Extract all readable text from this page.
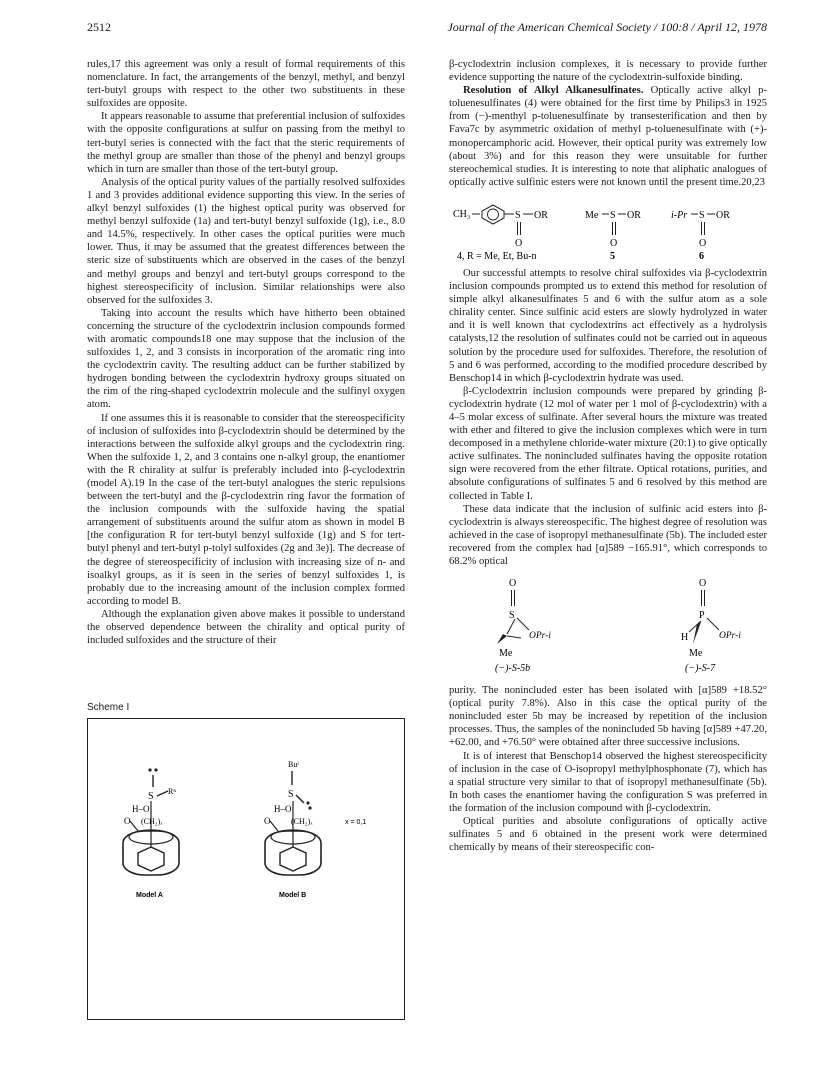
2512	Journal of the American Chemical Society / 100:8 / April 12, 1978

rules,17 this agreement was only a result of formal requirements of this nomenclature. In fact, the arrangements of the benzyl, methyl, and benzyl tert-butyl groups with respect to the other two substituents in these sulfoxides are opposite.

It appears reasonable to assume that preferential inclusion of sulfoxides with the opposite configurations at sulfur on passing from the methyl to tert-butyl series is connected with the fact that the steric requirements of the methyl group are smaller than those of the phenyl and benzyl groups which in turn are smaller than those of the tert-butyl group.

Analysis of the optical purity values of the partially resolved sulfoxides 1 and 3 provides additional evidence supporting this view. In the series of alkyl benzyl sulfoxides (1) the highest optical purity was observed for methyl benzyl sulfoxide (1a) and tert-butyl benzyl sulfoxide (1g), i.e., 8.0 and 14.5%, respectively. In other cases the optical purities were much lower. Thus, it may be assumed that the greatest differences between the steric size of substituents which are observed in the cases of the benzyl and methyl groups and benzyl and tert-butyl groups correspond to the highest stereospecificity of inclusion. Similar relationships were also observed for the sulfoxides 3.

Taking into account the results which have hitherto been obtained concerning the structure of the cyclodextrin inclusion compounds formed with aromatic compounds18 one may suppose that the inclusion of the sulfoxides 1, 2, and 3 consists in incorporation of the aromatic ring into the cyclodextrin cavity. The resulting adduct can be further stabilized by hydrogen bonding between the cyclodextrin hydroxy groups situated on the rim of the ring-shaped cyclodextrin molecule and the sulfinyl oxygen atom.

If one assumes this it is reasonable to consider that the stereospecificity of inclusion of sulfoxides into β-cyclodextrin should be determined by the interactions between the sulfoxide alkyl groups and the cyclodextrin ring. When the sulfoxide 1, 2, and 3 contains one n-alkyl group, the enantiomer with the R chirality at sulfur is preferably included into β-cyclodextrin (model A).19 In the case of the tert-butyl analogues the steric repulsions between the tert-butyl and the β-cyclodextrin ring favor the formation of the inclusion compounds with the sulfoxide having the spatial arrangement of substituents around the sulfur atom as shown in model B [the configuration R for tert-butyl benzyl sulfoxide (1g) and S for tert-butyl phenyl and tert-butyl p-tolyl sulfoxides (2g and 3e)]. The decrease of the degree of stereospecificity of inclusion with increasing size of n- and isoalkyl groups, as it is seen in the series of benzyl sulfoxides 1, is probably due to the increasing amount of the inclusion complex formed according to model B.

Although the explanation given above makes it possible to understand the observed dependence between the chirality and optical purity of included sulfoxides and the structure of their

Scheme I
S Rⁿ
H–O
O (CH₂)ₓ
Model A
Buᵗ
S
H–O
O	(CH₂)ₓ
Model B
x = 0,1

β-cyclodextrin inclusion complexes, it is necessary to provide further evidence supporting the nature of the cyclodextrin-sulfoxide binding.

Resolution of Alkyl Alkanesulfinates. Optically active alkyl p-toluenesulfinates (4) were obtained for the first time by Philips3 in 1925 from (−)-menthyl p-toluenesulfinate by transesterification and then by Fava7c by asymmetric oxidation of methyl p-toluenesulfinate with (+)-monopercamphoric acid. However, their optical purity was extremely low (about 3%) and for this reason they were unsuitable for further stereochemical studies. It is interesting to note that aliphatic analogues of optically active sulfinic esters were not known until the present time.20,23

CH₃	S OR
O
4, R = Me, Et, Bu-n
Me S OR
O
5
i-Pr S OR
O
6

Our successful attempts to resolve chiral sulfoxides via β-cyclodextrin inclusion compounds prompted us to extend this method for resolution of simple alkyl alkanesulfinates 5 and 6 with the sulfur atom as a sole chirality center. Since sulfinic acid esters are slowly hydrolyzed in water and it is well known that cyclodextrins act effectively as a hydrolysis catalysts,12 the resolution of sulfinates could not be carried out in aqueous solution by the procedure used for sulfoxides. Therefore, the resolution of 5 and 6 was performed, according to the modified procedure described by Benschop14 in which β-cyclodextrin hydrate was used.

β-Cyclodextrin inclusion compounds were prepared by grinding β-cyclodextrin hydrate (12 mol of water per 1 mol of β-cyclodextrin) with a 4–5 molar excess of sulfinate. After several hours the mixture was treated with ether and filtered to give the inclusion complexes which were in turn decomposed in a methylene chloride-water mixture (20:1) to give optically active sulfinates. The nonincluded sulfinates having the opposite rotation sign were recovered from the ether filtrate. Optical rotations, purities, and absolute configurations of sulfinates 5 and 6 resolved by this method are collected in Table I.

These data indicate that the inclusion of sulfinic acid esters into β-cyclodextrin is always stereospecific. The highest degree of resolution was achieved in the case of isopropyl methanesulfinate (5b). The included ester recovered from the complex had [α]589 −165.91°, which corresponds to 68.2% optical

O
S
OPr-i
Me
(−)-S-5b
O
P
H	OPr-i
Me
(−)-S-7

purity. The nonincluded ester has been isolated with [α]589 +18.52° (optical purity 7.8%). Also in this case the optical purity of the nonincluded ester 5b may be increased by repetition of the inclusion processes. Thus, the samples of the nonincluded 5b having [α]589 +47.20, +62.00, and +76.50° were obtained after three successive inclusions.

It is of interest that Benschop14 observed the highest stereospecificity of inclusion in the case of O-isopropyl methylphosphonate (7), which has a spatial structure very similar to that of isopropyl methanesulfinate (5b). In both cases the enantiomer having the configuration S was preferred in the formation of the inclusion compound with β-cyclodextrin.

Optical purities and absolute configurations of optically active sulfinates 5 and 6 obtained in the present work were determined chemically by means of their stereospecific con-
